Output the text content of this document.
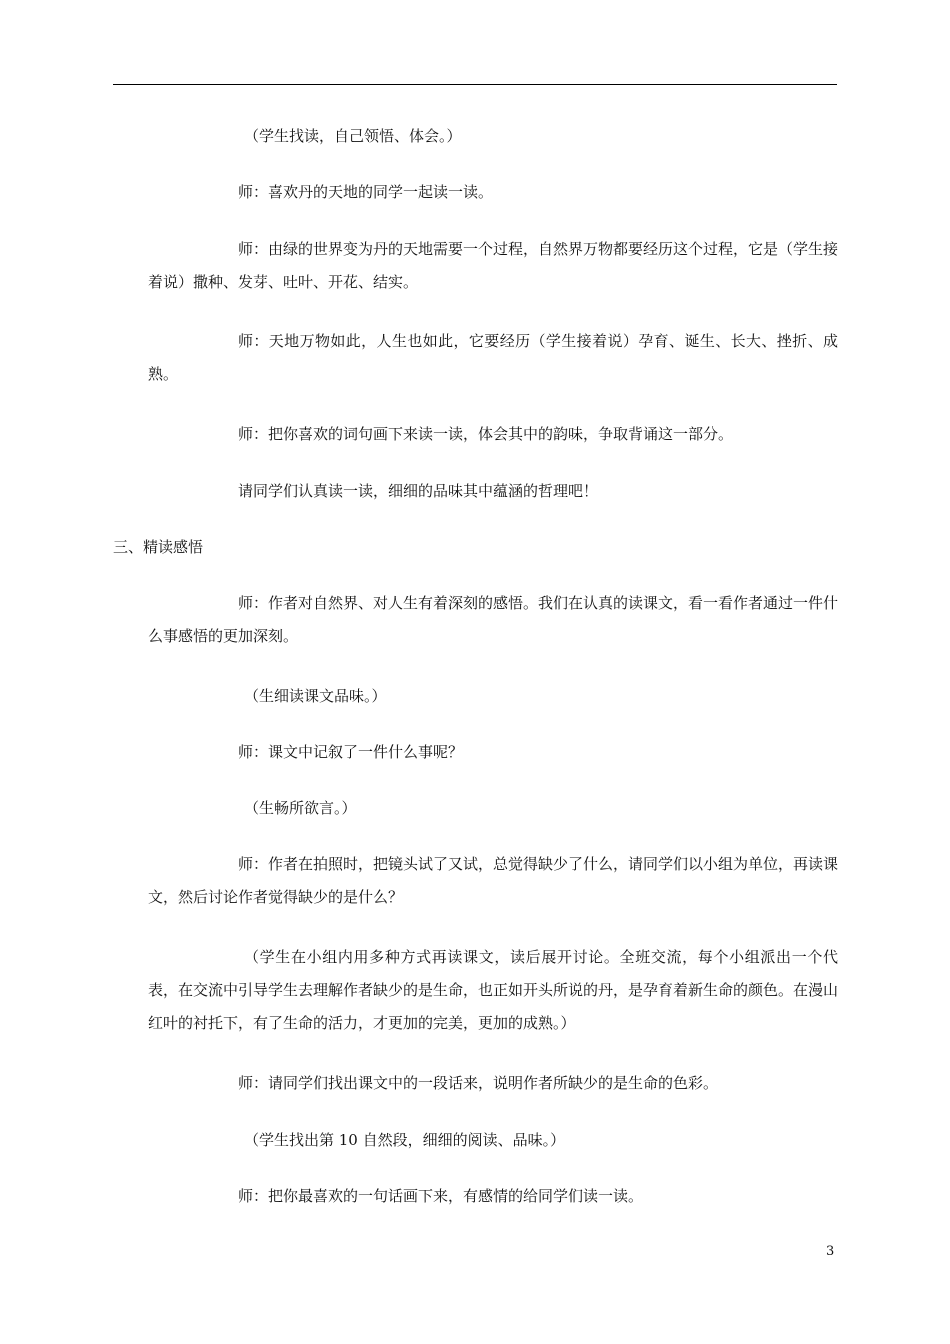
（学生找读，自己领悟、体会。）
师：喜欢丹的天地的同学一起读一读。
师：由绿的世界变为丹的天地需要一个过程，自然界万物都要经历这个过程，它是（学生接着说）撒种、发芽、吐叶、开花、结实。
师：天地万物如此，人生也如此，它要经历（学生接着说）孕育、诞生、长大、挫折、成熟。
师：把你喜欢的词句画下来读一读，体会其中的韵味，争取背诵这一部分。
请同学们认真读一读，细细的品味其中蕴涵的哲理吧！
三、精读感悟
师：作者对自然界、对人生有着深刻的感悟。我们在认真的读课文，看一看作者通过一件什么事感悟的更加深刻。
（生细读课文品味。）
师：课文中记叙了一件什么事呢？
（生畅所欲言。）
师：作者在拍照时，把镜头试了又试，总觉得缺少了什么，请同学们以小组为单位，再读课文，然后讨论作者觉得缺少的是什么？
（学生在小组内用多种方式再读课文，读后展开讨论。全班交流，每个小组派出一个代表，在交流中引导学生去理解作者缺少的是生命，也正如开头所说的丹，是孕育着新生命的颜色。在漫山红叶的衬托下，有了生命的活力，才更加的完美，更加的成熟。）
师：请同学们找出课文中的一段话来，说明作者所缺少的是生命的色彩。
（学生找出第 10 自然段，细细的阅读、品味。）
师：把你最喜欢的一句话画下来，有感情的给同学们读一读。
3
